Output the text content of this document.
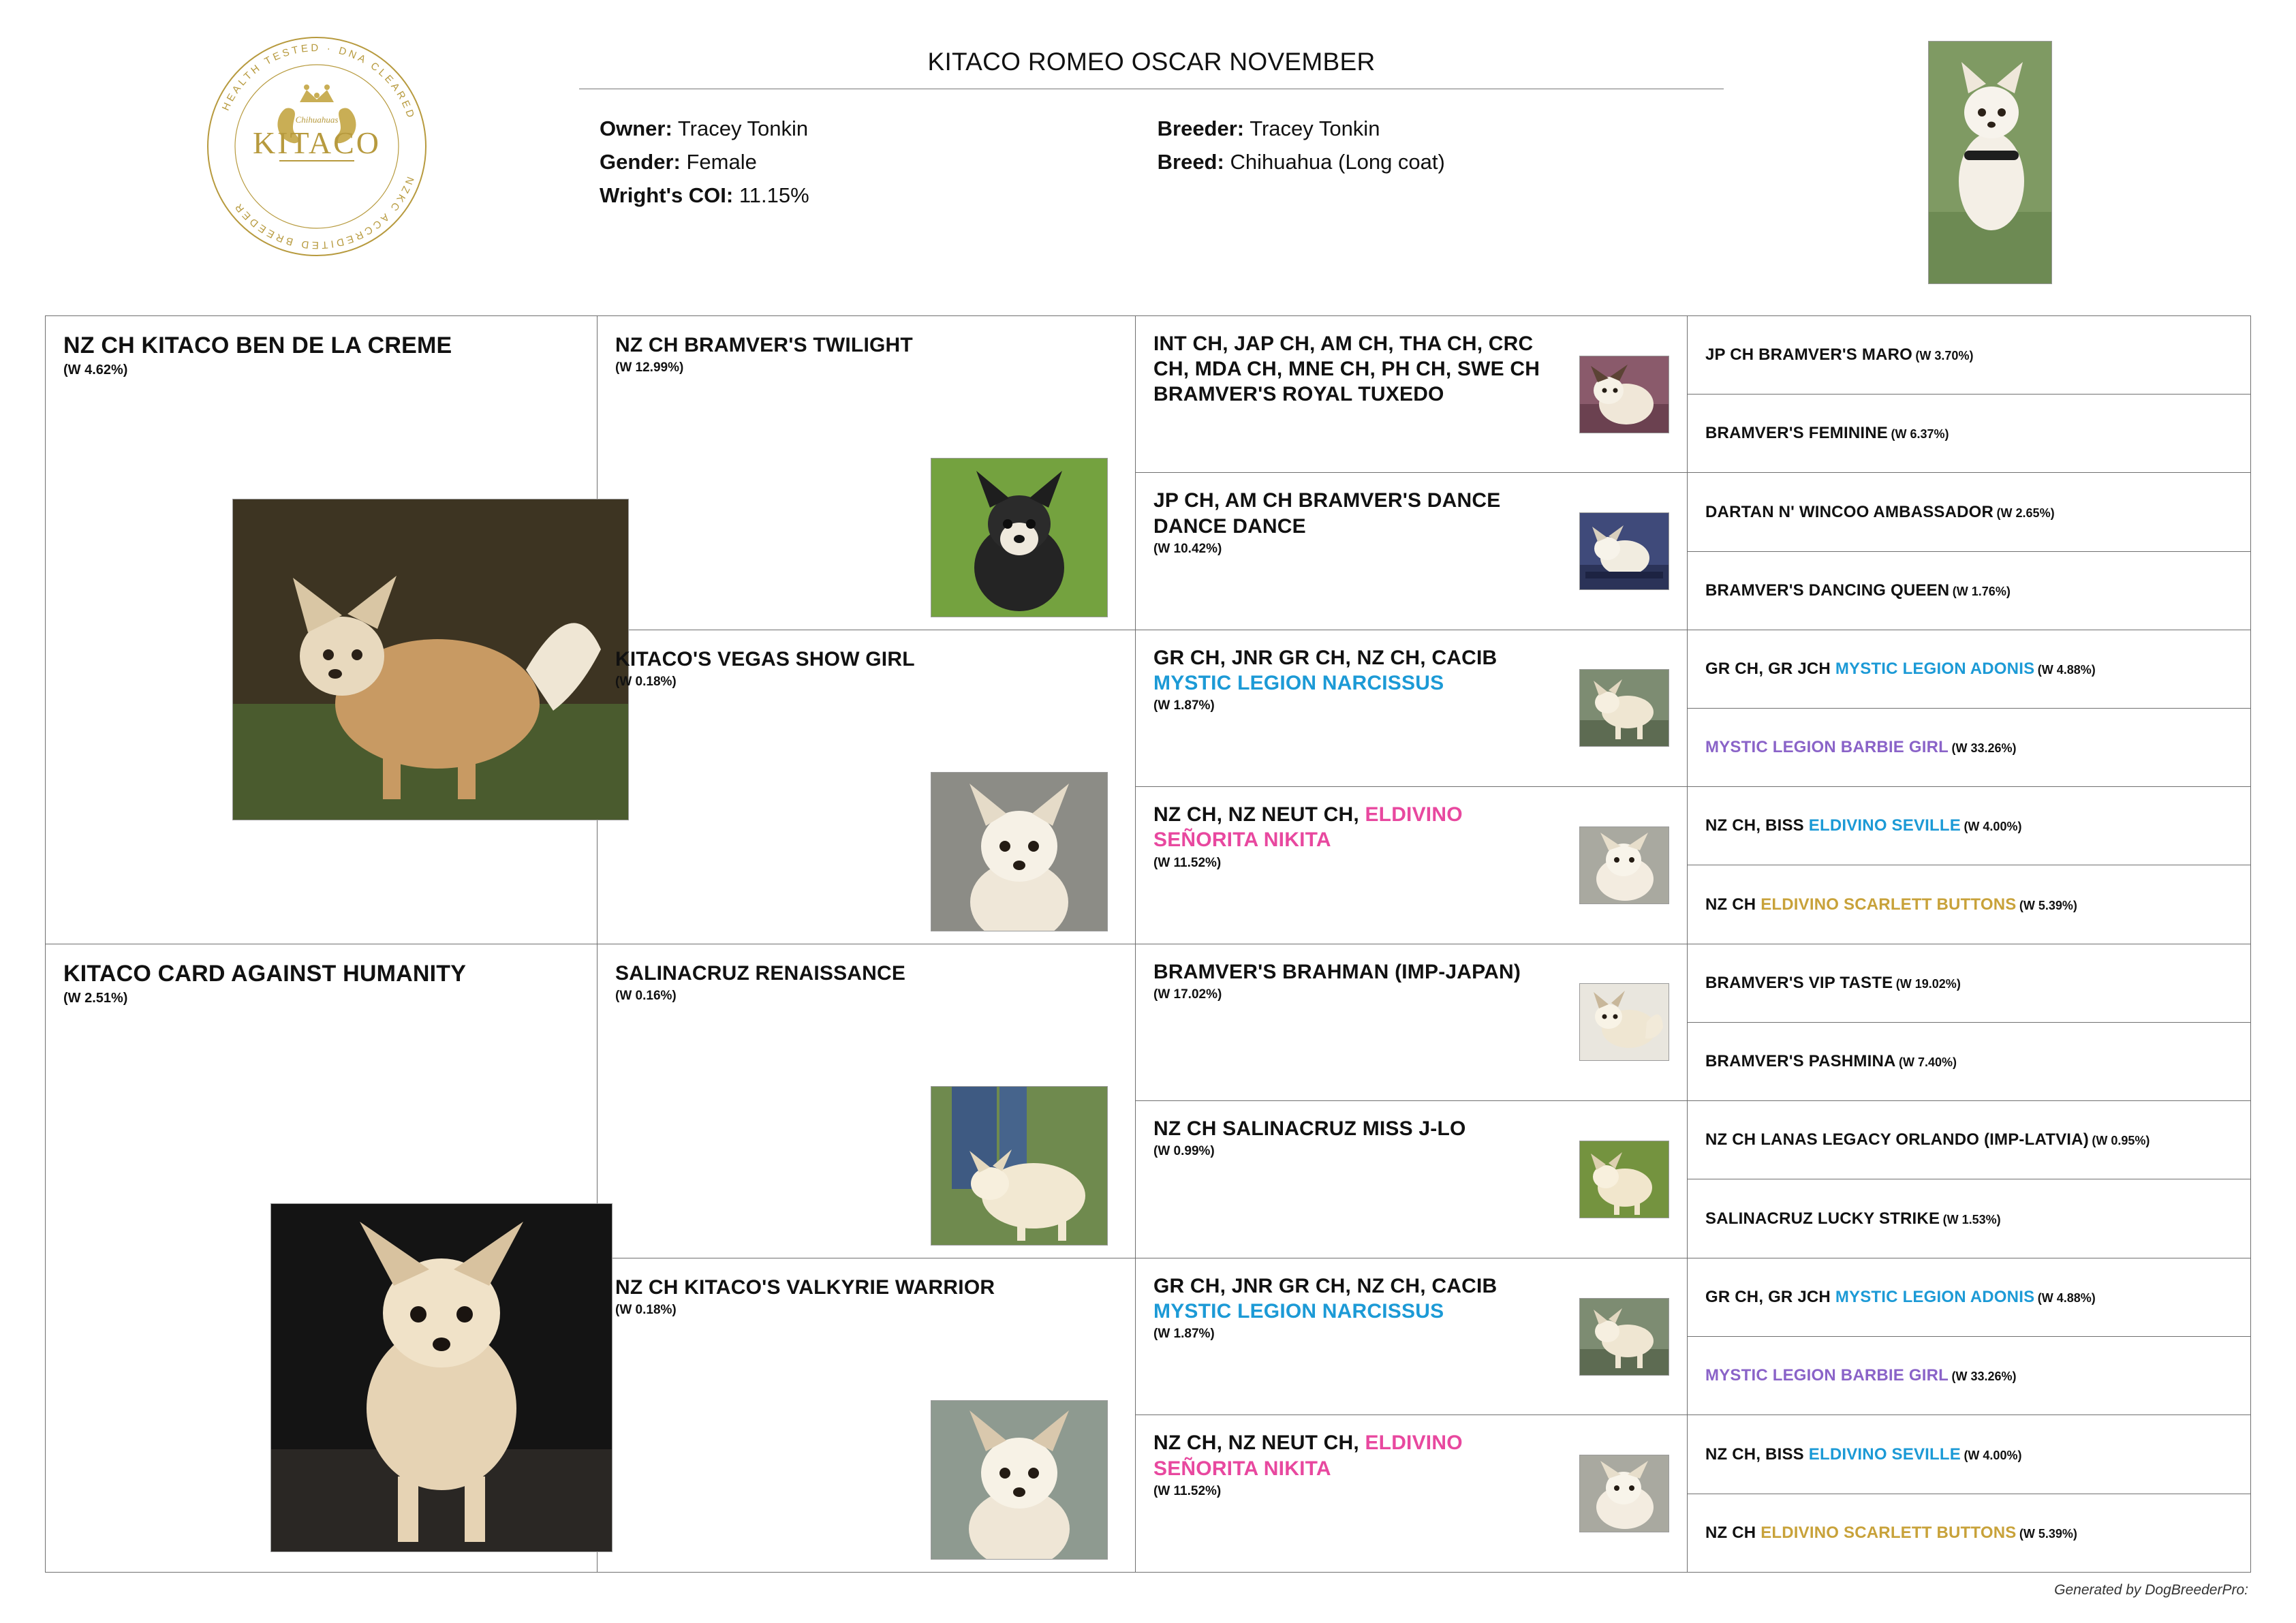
HEALTH TESTED · DNA CLEARED
NZKC ACCREDITED BREEDER
Chihuahuas
KITACO
KITACO ROMEO OSCAR NOVEMBER
Owner: Tracey Tonkin
Gender: Female
Wright's COI: 11.15%

Breeder: Tracey Tonkin
Breed: Chihuahua (Long coat)
NZ CH KITACO BEN DE LA CREME
(W 4.62%)
NZ CH BRAMVER'S TWILIGHT
(W 12.99%)
KITACO'S VEGAS SHOW GIRL
(W 0.18%)
INT CH, JAP CH, AM CH, THA CH, CRC CH, MDA CH, MNE CH, PH CH, SWE CH BRAMVER'S ROYAL TUXEDO
JP CH, AM CH BRAMVER'S DANCE DANCE DANCE
(W 10.42%)
GR CH, JNR GR CH, NZ CH, CACIB
MYSTIC LEGION NARCISSUS
(W 1.87%)
NZ CH, NZ NEUT CH, ELDIVINO SEÑORITA NIKITA
(W 11.52%)
JP CH BRAMVER'S MARO (W 3.70%)
BRAMVER'S FEMININE (W 6.37%)
DARTAN N' WINCOO AMBASSADOR (W 2.65%)
BRAMVER'S DANCING QUEEN (W 1.76%)
GR CH, GR JCH MYSTIC LEGION ADONIS (W 4.88%)
MYSTIC LEGION BARBIE GIRL (W 33.26%)
NZ CH, BISS ELDIVINO SEVILLE (W 4.00%)
NZ CH ELDIVINO SCARLETT BUTTONS (W 5.39%)
KITACO CARD AGAINST HUMANITY
(W 2.51%)
SALINACRUZ RENAISSANCE
(W 0.16%)
NZ CH KITACO'S VALKYRIE WARRIOR
(W 0.18%)
BRAMVER'S BRAHMAN (IMP-JAPAN)
(W 17.02%)
NZ CH SALINACRUZ MISS J-LO
(W 0.99%)
GR CH, JNR GR CH, NZ CH, CACIB
MYSTIC LEGION NARCISSUS
(W 1.87%)
NZ CH, NZ NEUT CH, ELDIVINO SEÑORITA NIKITA
(W 11.52%)
BRAMVER'S VIP TASTE (W 19.02%)
BRAMVER'S PASHMINA (W 7.40%)
NZ CH LANAS LEGACY ORLANDO (IMP-LATVIA) (W 0.95%)
SALINACRUZ LUCKY STRIKE (W 1.53%)
GR CH, GR JCH MYSTIC LEGION ADONIS (W 4.88%)
MYSTIC LEGION BARBIE GIRL (W 33.26%)
NZ CH, BISS ELDIVINO SEVILLE (W 4.00%)
NZ CH ELDIVINO SCARLETT BUTTONS (W 5.39%)
Generated by DogBreederPro:
